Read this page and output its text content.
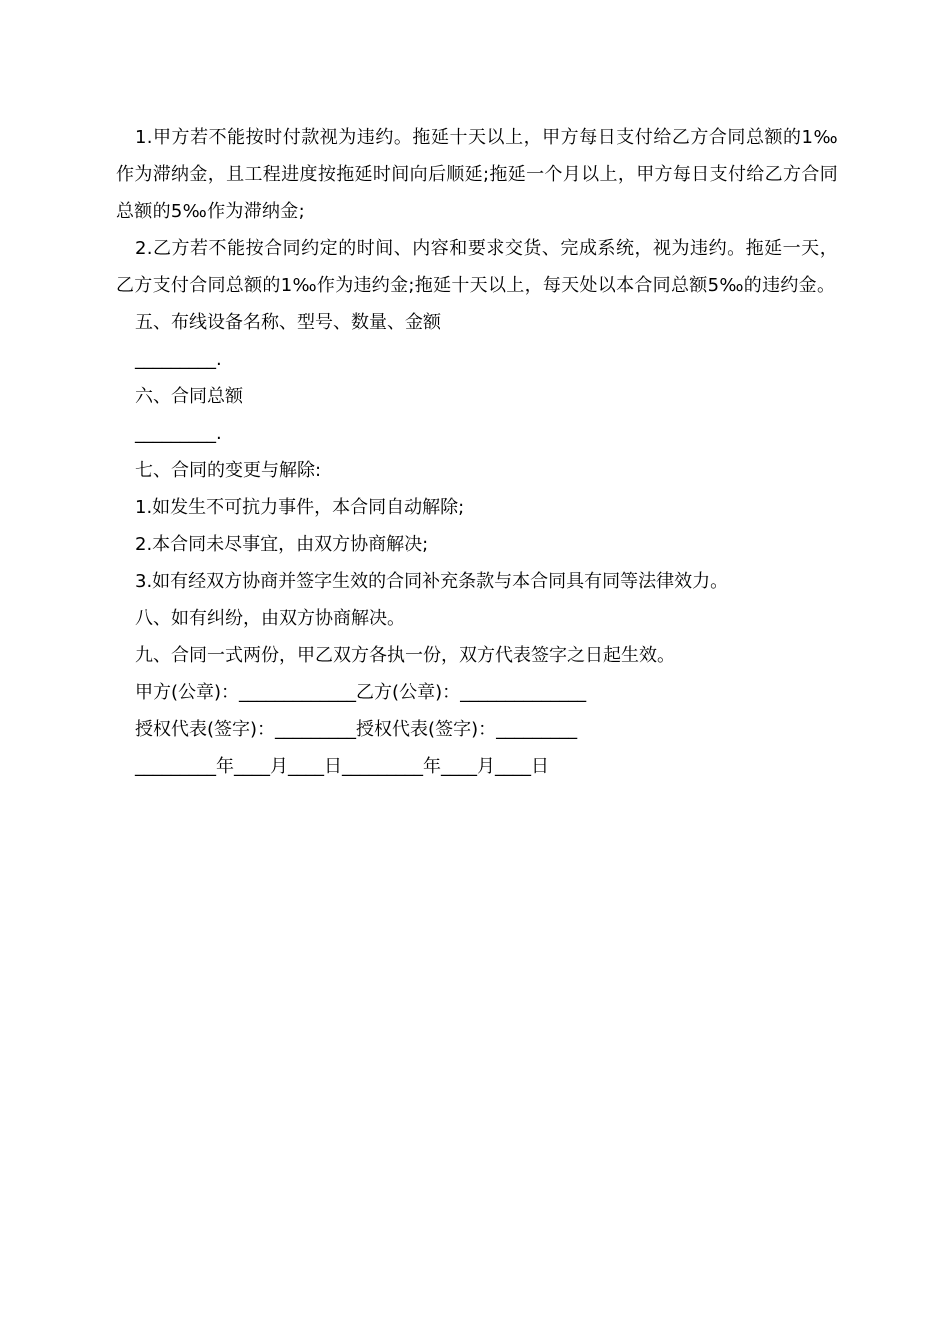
1.甲方若不能按时付款视为违约。拖延十天以上，甲方每日支付给乙方合同总额的1‰作为滞纳金，且工程进度按拖延时间向后顺延;拖延一个月以上，甲方每日支付给乙方合同总额的5‰作为滞纳金;

2.乙方若不能按合同约定的时间、内容和要求交货、完成系统，视为违约。拖延一天，乙方支付合同总额的1‰作为违约金;拖延十天以上，每天处以本合同总额5‰的违约金。

五、布线设备名称、型号、数量、金额

_________.

六、合同总额

_________.

七、合同的变更与解除:

1.如发生不可抗力事件，本合同自动解除;

2.本合同未尽事宜，由双方协商解决;

3.如有经双方协商并签字生效的合同补充条款与本合同具有同等法律效力。

八、如有纠纷，由双方协商解决。

九、合同一式两份，甲乙双方各执一份，双方代表签字之日起生效。

甲方(公章)：_____________乙方(公章)：______________

授权代表(签字)：_________授权代表(签字)：_________

_________年____月____日_________年____月____日
